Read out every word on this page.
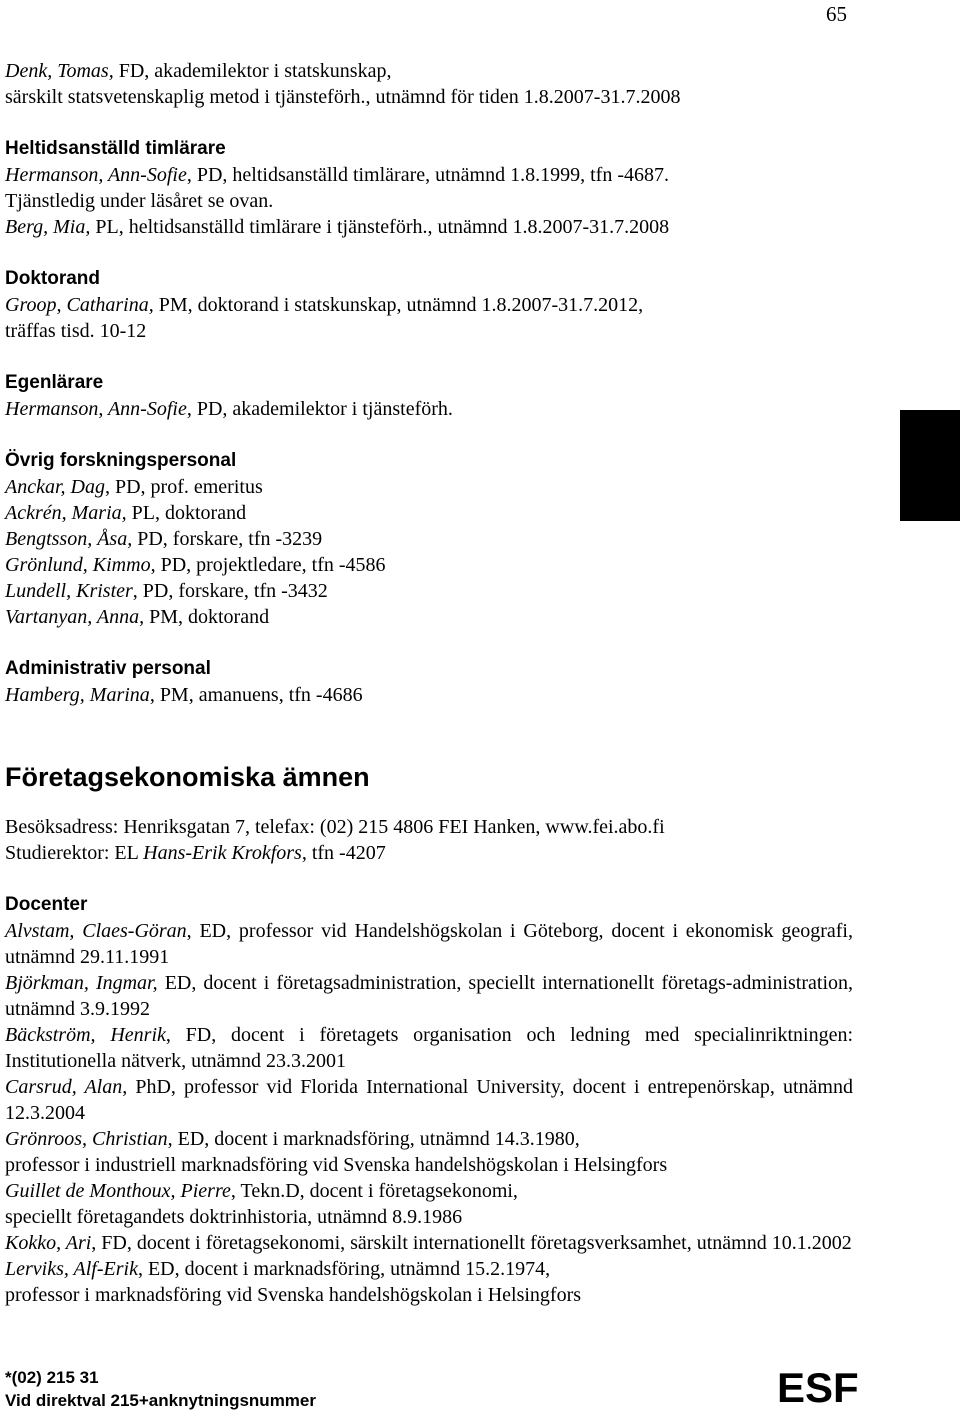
65
Denk, Tomas, FD, akademilektor i statskunskap,
särskilt statsvetenskaplig metod i tjänsteförh., utnämnd för tiden 1.8.2007-31.7.2008
Heltidsanställd timlärare
Hermanson, Ann-Sofie, PD, heltidsanställd timlärare, utnämnd 1.8.1999, tfn -4687.
Tjänstledig under läsåret se ovan.
Berg, Mia, PL, heltidsanställd timlärare i tjänsteförh., utnämnd 1.8.2007-31.7.2008
Doktorand
Groop, Catharina, PM, doktorand i statskunskap, utnämnd 1.8.2007-31.7.2012,
träffas tisd. 10-12
Egenlärare
Hermanson, Ann-Sofie, PD, akademilektor i tjänsteförh.
Övrig forskningspersonal
Anckar, Dag, PD, prof. emeritus
Ackrén, Maria, PL, doktorand
Bengtsson, Åsa, PD, forskare, tfn -3239
Grönlund, Kimmo, PD, projektledare, tfn -4586
Lundell, Krister, PD, forskare, tfn -3432
Vartanyan, Anna, PM, doktorand
Administrativ personal
Hamberg, Marina, PM, amanuens, tfn -4686
Företagsekonomiska ämnen
Besöksadress: Henriksgatan 7, telefax: (02) 215 4806 FEI Hanken, www.fei.abo.fi
Studierektor: EL Hans-Erik Krokfors, tfn -4207
Docenter
Alvstam, Claes-Göran, ED, professor vid Handelshögskolan i Göteborg, docent i ekonomisk geografi, utnämnd 29.11.1991
Björkman, Ingmar, ED, docent i företagsadministration, speciellt internationellt företags-administration, utnämnd 3.9.1992
Bäckström, Henrik, FD, docent i företagets organisation och ledning med specialinriktningen: Institutionella nätverk, utnämnd 23.3.2001
Carsrud, Alan, PhD, professor vid Florida International University, docent i entrepenörskap, utnämnd 12.3.2004
Grönroos, Christian, ED, docent i marknadsföring, utnämnd 14.3.1980,
professor i industriell marknadsföring vid Svenska handelshögskolan i Helsingfors
Guillet de Monthoux, Pierre, Tekn.D, docent i företagsekonomi,
speciellt företagandets doktrinhistoria, utnämnd 8.9.1986
Kokko, Ari, FD, docent i företagsekonomi, särskilt internationellt företagsverksamhet, utnämnd 10.1.2002
Lerviks, Alf-Erik, ED, docent i marknadsföring, utnämnd 15.2.1974,
professor i marknadsföring vid Svenska handelshögskolan i Helsingfors
*(02) 215 31
Vid direktval 215+anknytningsnummer	ESF
